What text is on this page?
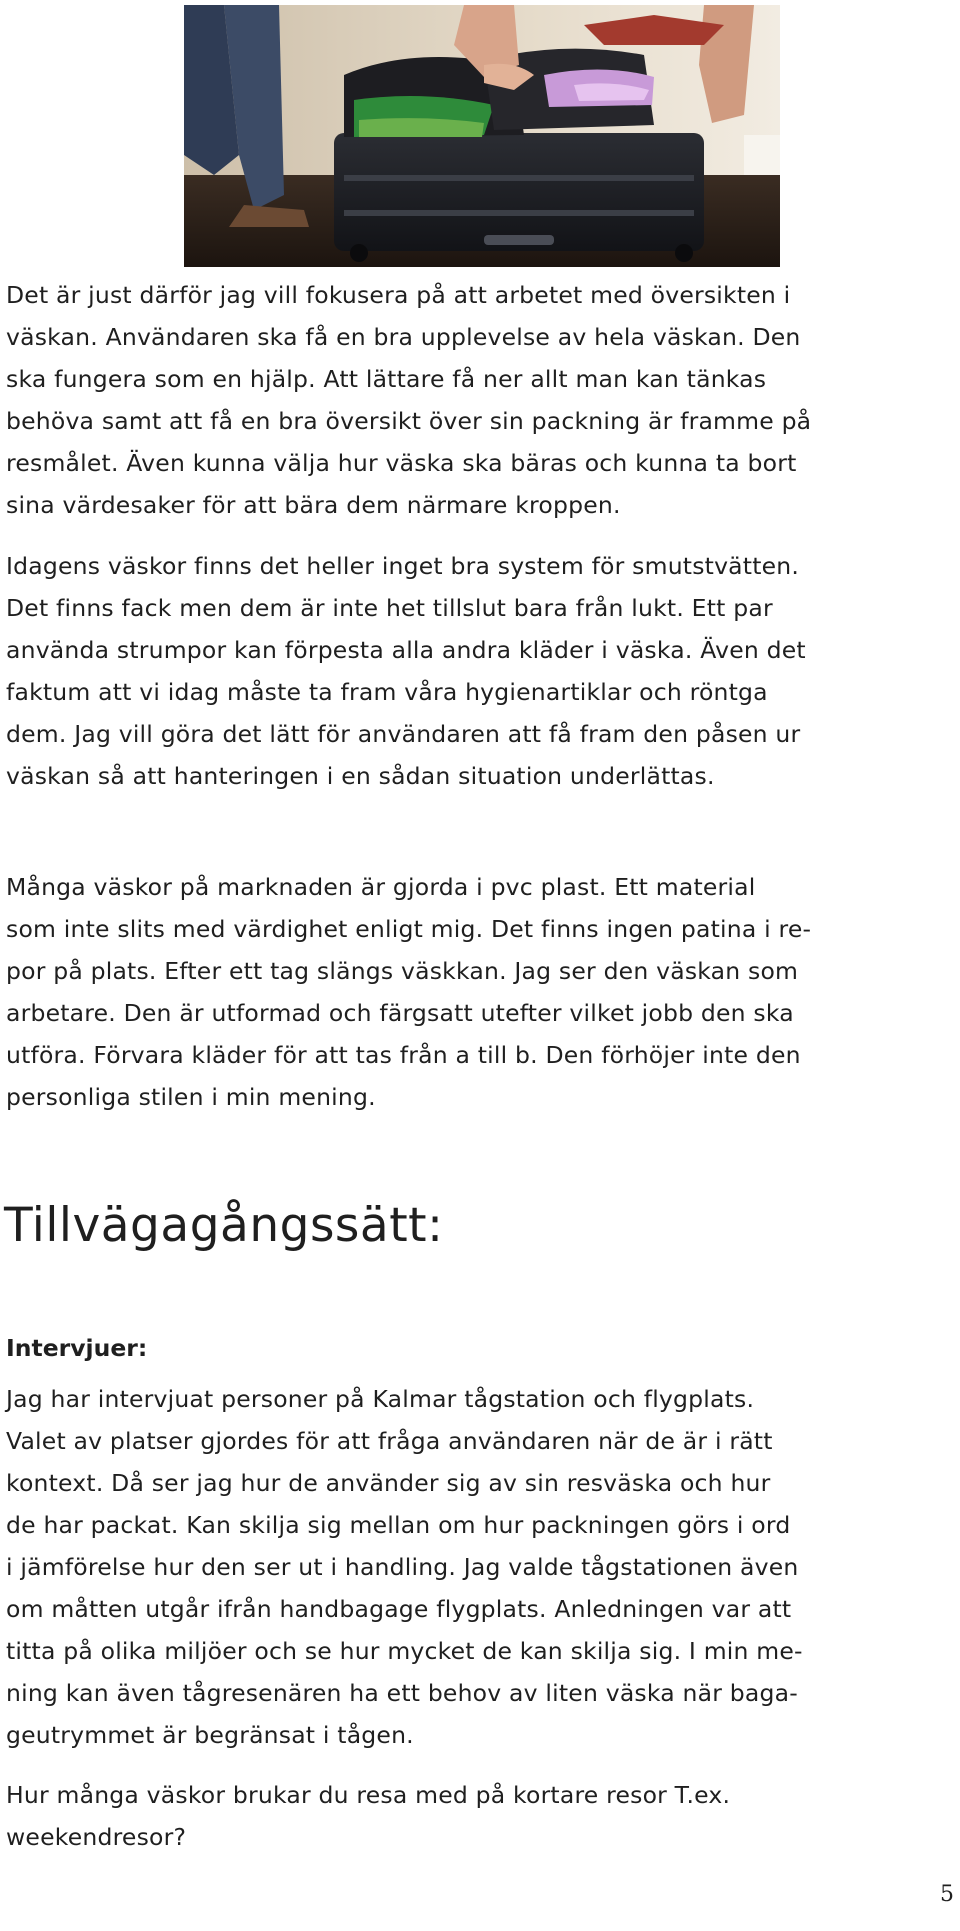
Det är just därför jag vill fokusera på att arbetet med översikten i
väskan. Användaren ska få en bra upplevelse av hela väskan. Den
ska fungera som en hjälp. Att lättare få ner allt man kan tänkas
behöva samt att få en bra översikt över sin packning är framme på
resmålet. Även kunna välja hur väska ska bäras och kunna ta bort
sina värdesaker för att bära dem närmare kroppen.

Idagens väskor finns det heller inget bra system för smutstvätten.
Det finns fack men dem är inte het tillslut bara från lukt. Ett par
använda strumpor kan förpesta alla andra kläder i väska. Även det
faktum att vi idag måste ta fram våra hygienartiklar och röntga
dem. Jag vill göra det lätt för användaren att få fram den påsen ur
väskan så att hanteringen i en sådan situation underlättas.

Många väskor på marknaden är gjorda i pvc plast. Ett material
som inte slits med värdighet enligt mig. Det finns ingen patina i re-
por på plats. Efter ett tag slängs väskkan. Jag ser den väskan som
arbetare. Den är utformad och färgsatt utefter vilket jobb den ska
utföra. Förvara kläder för att tas från a till b. Den förhöjer inte den
personliga stilen i min mening.

Tillvägagångssätt:
Intervjuer:

Jag har intervjuat personer på Kalmar tågstation och flygplats.
Valet av platser gjordes för att fråga användaren när de är i rätt
kontext. Då ser jag hur de använder sig av sin resväska och hur
de har packat. Kan skilja sig mellan om hur packningen görs i ord
i jämförelse hur den ser ut i handling. Jag valde tågstationen även
om måtten utgår ifrån handbagage flygplats. Anledningen var att
titta på olika miljöer och se hur mycket de kan skilja sig. I min me-
ning kan även tågresenären ha ett behov av liten väska när baga-
geutrymmet är begränsat i tågen.

Hur många väskor brukar du resa med på kortare resor T.ex.
weekendresor?

5
